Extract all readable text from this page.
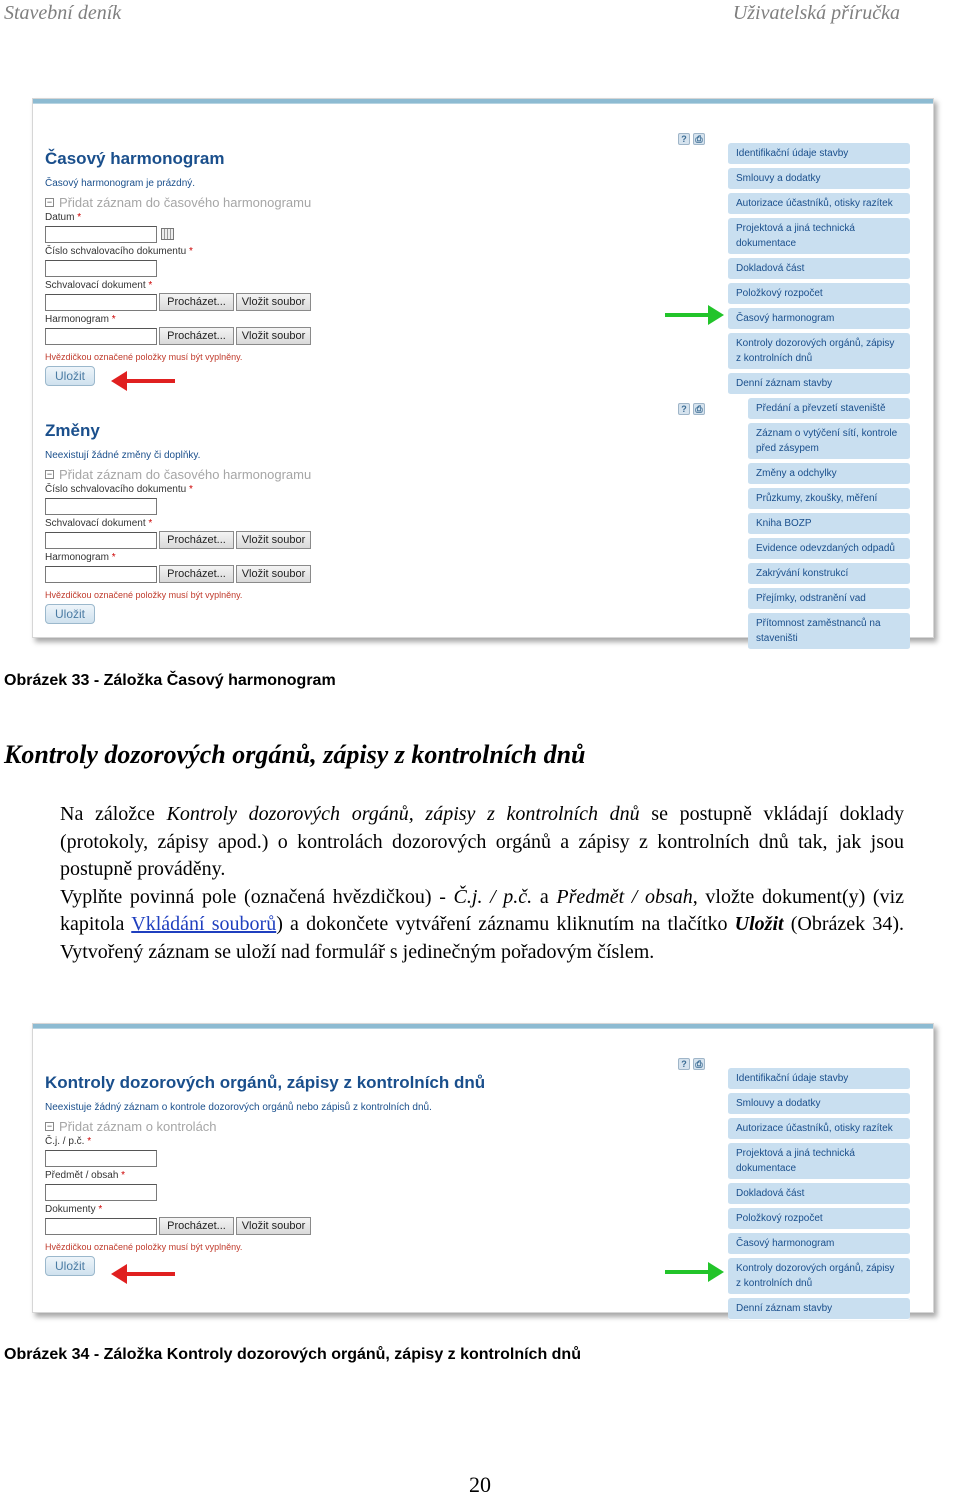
Stavební deník	Uživatelská příručka
Časový harmonogram
Časový harmonogram je prázdný.
− Přidat záznam do časového harmonogramu
Datum *
Číslo schvalovacího dokumentu *
Schvalovací dokument *
Procházet...	Vložit soubor
Harmonogram *
Procházet...	Vložit soubor
Hvězdičkou označené položky musí být vyplněny.
Uložit
Změny
Neexistují žádné změny či doplňky.
− Přidat záznam do časového harmonogramu
Číslo schvalovacího dokumentu *
Schvalovací dokument *
Procházet...	Vložit soubor
Harmonogram *
Procházet...	Vložit soubor
Hvězdičkou označené položky musí být vyplněny.
Uložit
? ⎙
? ⎙
Identifikační údaje stavby
Smlouvy a dodatky
Autorizace účastníků, otisky razítek
Projektová a jiná technická dokumentace
Dokladová část
Položkový rozpočet
Časový harmonogram
Kontroly dozorových orgánů, zápisy z kontrolních dnů
Denní záznam stavby
Předání a převzetí staveniště
Záznam o vytýčení sítí, kontrole před zásypem
Změny a odchylky
Průzkumy, zkoušky, měření
Kniha BOZP
Evidence odevzdaných odpadů
Zakrývání konstrukcí
Přejímky, odstranění vad
Přítomnost zaměstnanců na staveništi
Obrázek 33 - Záložka Časový harmonogram
Kontroly dozorových orgánů, zápisy z kontrolních dnů

Na záložce Kontroly dozorových orgánů, zápisy z kontrolních dnů se postupně vkládají doklady (protokoly, zápisy apod.) o kontrolách dozorových orgánů a zápisy z kontrolních dnů tak, jak jsou postupně prováděny.

Vyplňte povinná pole (označená hvězdičkou) - Č.j. / p.č. a Předmět / obsah, vložte dokument(y) (viz kapitola Vkládání souborů) a dokončete vytváření záznamu kliknutím na tlačítko Uložit (Obrázek 34). Vytvořený záznam se uloží nad formulář s jedinečným pořadovým číslem.

Kontroly dozorových orgánů, zápisy z kontrolních dnů
Neexistuje žádný záznam o kontrole dozorových orgánů nebo zápisů z kontrolních dnů.
− Přidat záznam o kontrolách
Č.j. / p.č. *
Předmět / obsah *
Dokumenty *
Procházet...	Vložit soubor
Hvězdičkou označené položky musí být vyplněny.
Uložit
? ⎙
Identifikační údaje stavby
Smlouvy a dodatky
Autorizace účastníků, otisky razítek
Projektová a jiná technická dokumentace
Dokladová část
Položkový rozpočet
Časový harmonogram
Kontroly dozorových orgánů, zápisy z kontrolních dnů
Denní záznam stavby
Obrázek 34 - Záložka Kontroly dozorových orgánů, zápisy z kontrolních dnů
20
